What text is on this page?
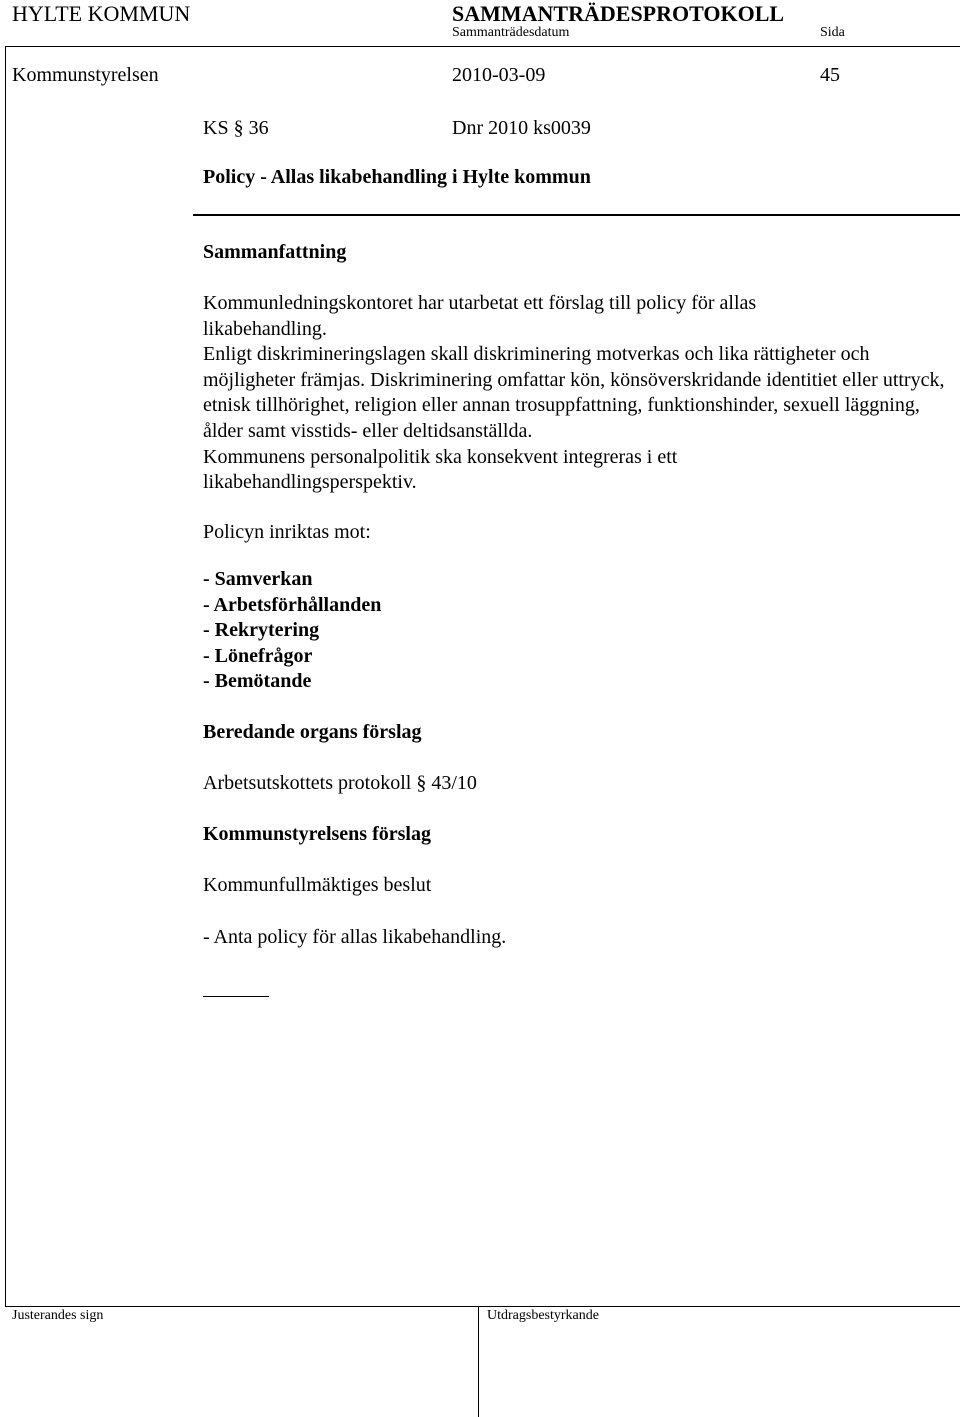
HYLTE KOMMUN	SAMMANTRÄDESPROTOKOLL
Sammanträdesdatum	Sida
Kommunstyrelsen	2010-03-09	45
KS § 36	Dnr 2010 ks0039
Policy - Allas likabehandling i Hylte kommun
Sammanfattning

Kommunledningskontoret har utarbetat ett förslag till policy för allas

likabehandling.

Enligt diskrimineringslagen skall diskriminering motverkas och lika rättigheter och möjligheter främjas. Diskriminering omfattar kön, könsöverskridande identitiet eller uttryck, etnisk tillhörighet, religion eller annan trosuppfattning, funktionshinder, sexuell läggning, ålder samt visstids- eller deltidsanställda.

Kommunens personalpolitik ska konsekvent integreras i ett

likabehandlingsperspektiv.

Policyn inriktas mot:
- Samverkan
- Arbetsförhållanden
- Rekrytering
- Lönefrågor
- Bemötande
Beredande organs förslag
Arbetsutskottets protokoll § 43/10
Kommunstyrelsens förslag
Kommunfullmäktiges beslut
- Anta policy för allas likabehandling.
Justerandes sign	Utdragsbestyrkande
